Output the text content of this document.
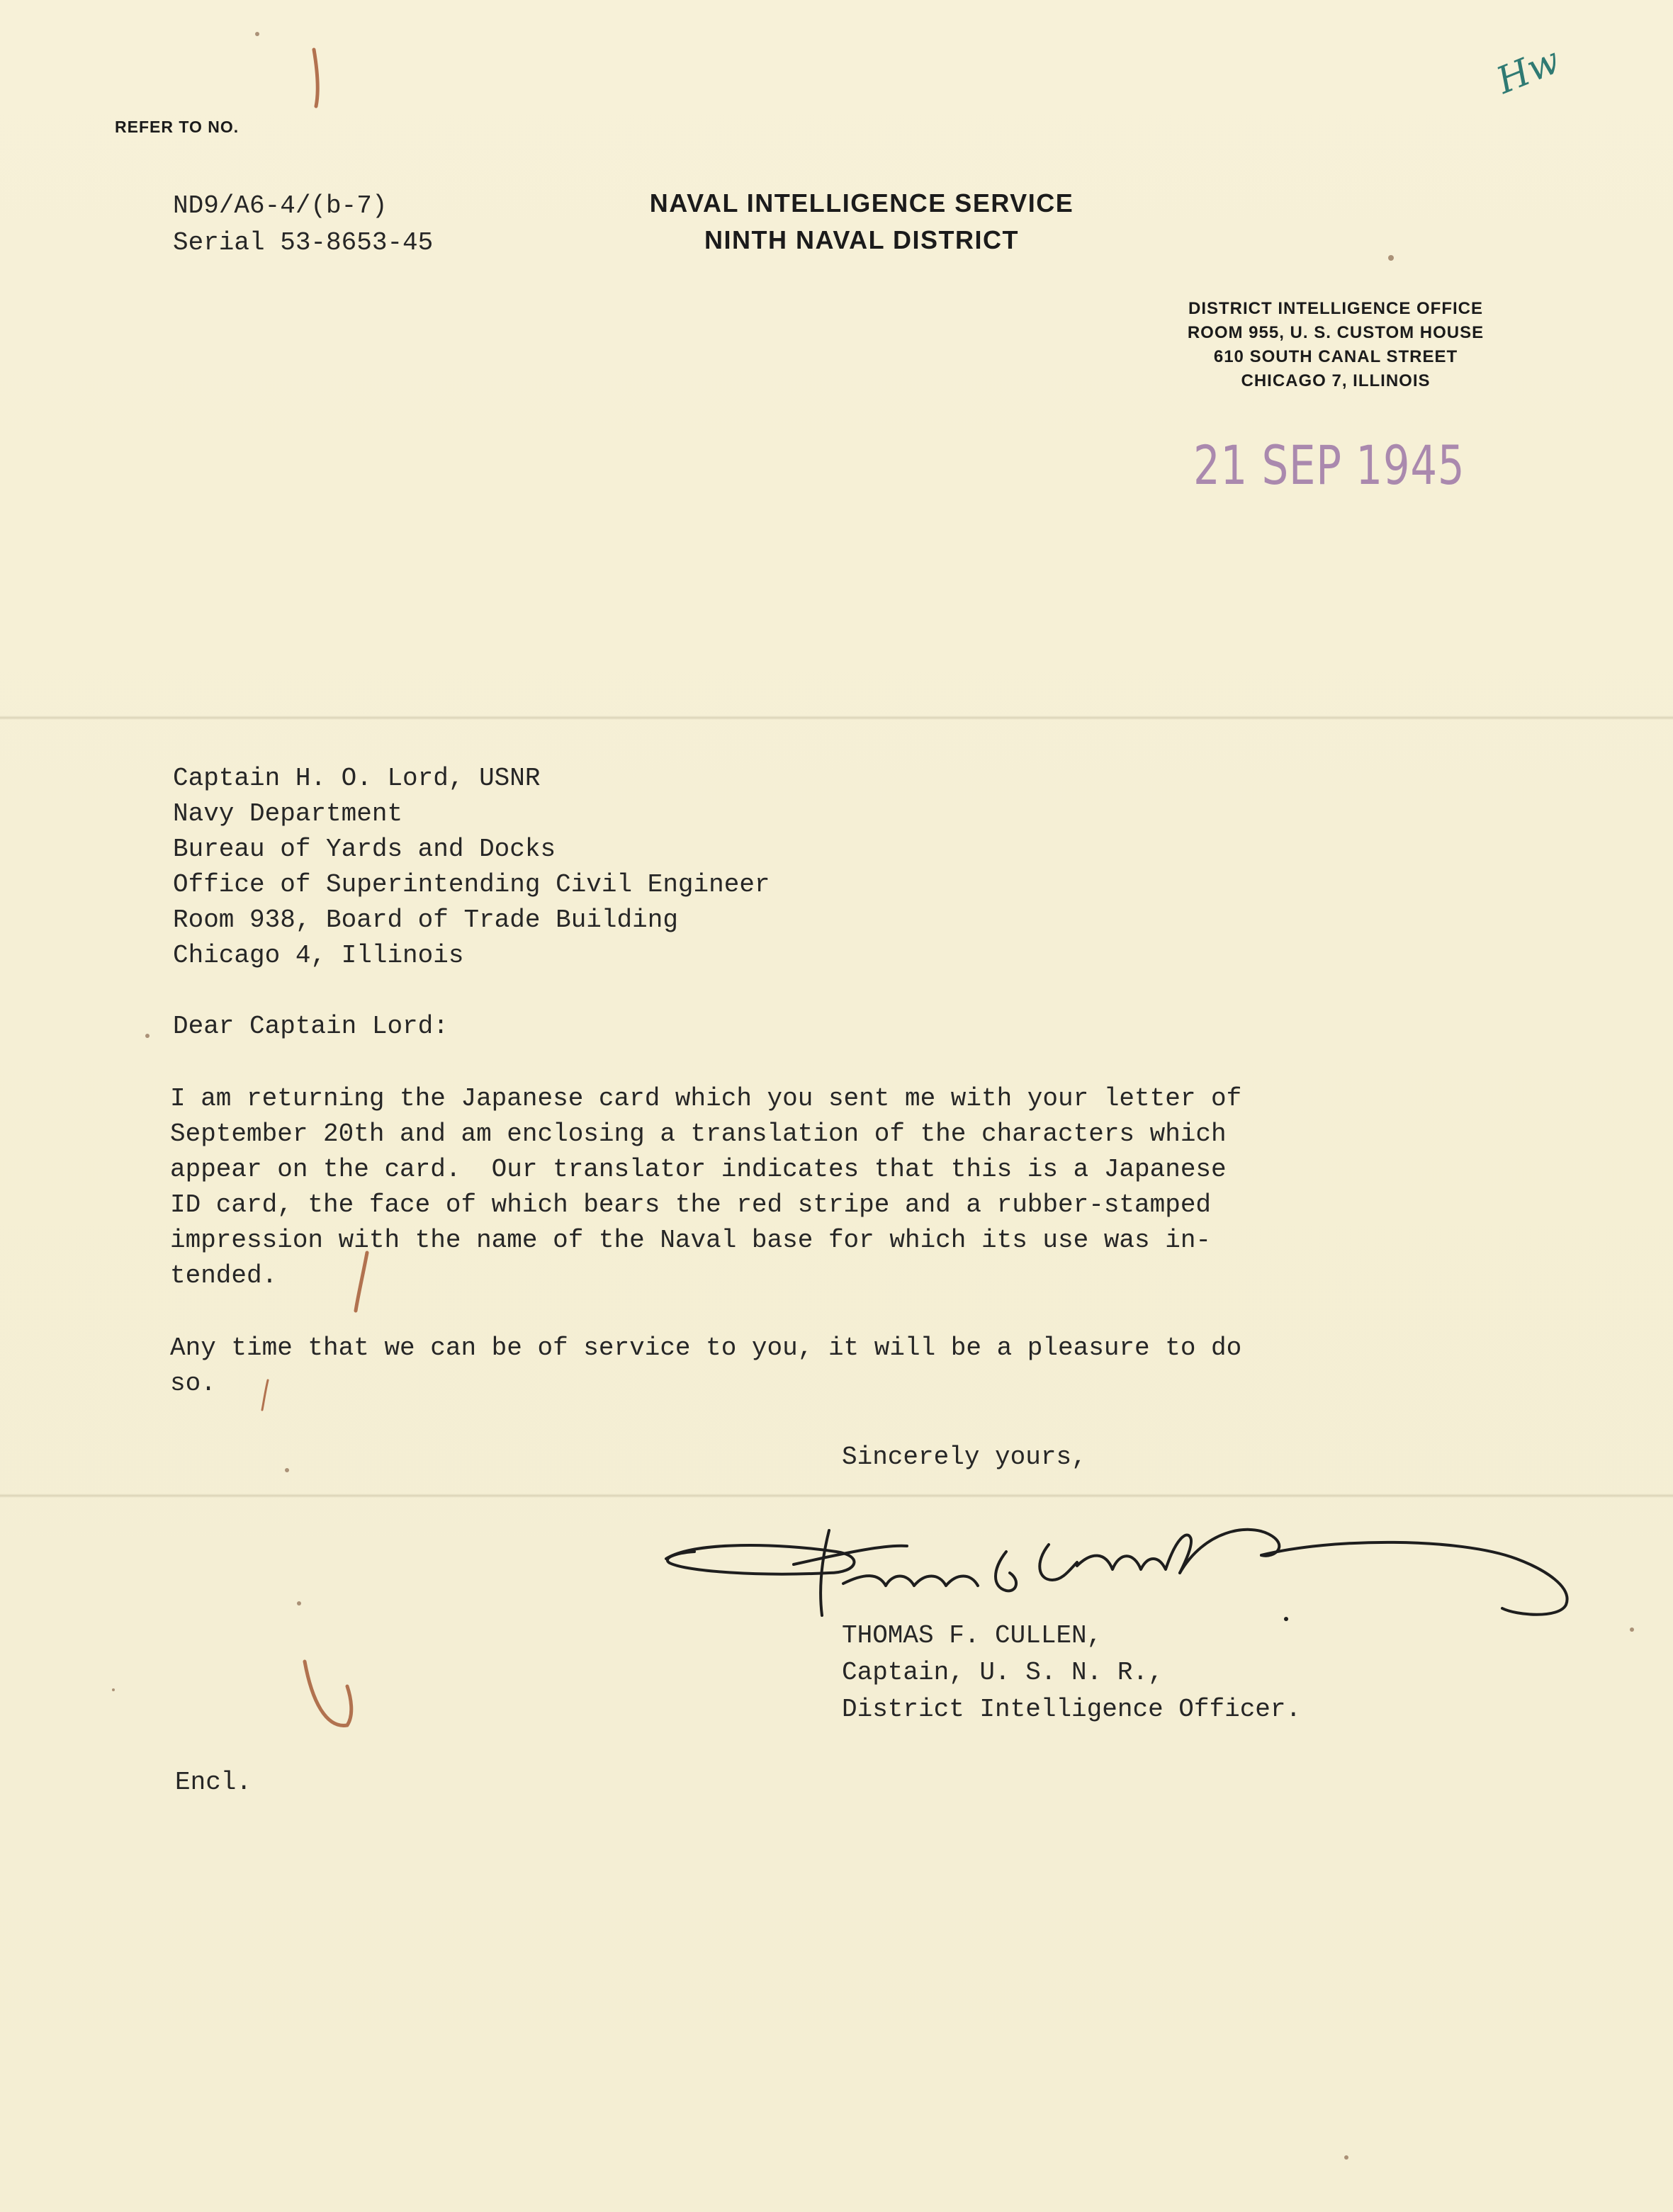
REFER TO NO.
ND9/A6-4/(b-7)
Serial 53-8653-45
NAVAL INTELLIGENCE SERVICE
NINTH NAVAL DISTRICT
DISTRICT INTELLIGENCE OFFICE
ROOM 955, U. S. CUSTOM HOUSE
610 SOUTH CANAL STREET
CHICAGO 7, ILLINOIS
21 SEP 1945
Hw
Captain H. O. Lord, USNR
Navy Department
Bureau of Yards and Docks
Office of Superintending Civil Engineer
Room 938, Board of Trade Building
Chicago 4, Illinois
Dear Captain Lord:
I am returning the Japanese card which you sent me with your letter of
September 20th and am enclosing a translation of the characters which
appear on the card.  Our translator indicates that this is a Japanese
ID card, the face of which bears the red stripe and a rubber-stamped
impression with the name of the Naval base for which its use was in-
tended.
Any time that we can be of service to you, it will be a pleasure to do
so.
Sincerely yours,
THOMAS F. CULLEN,
Captain, U. S. N. R.,
District Intelligence Officer.
Encl.
